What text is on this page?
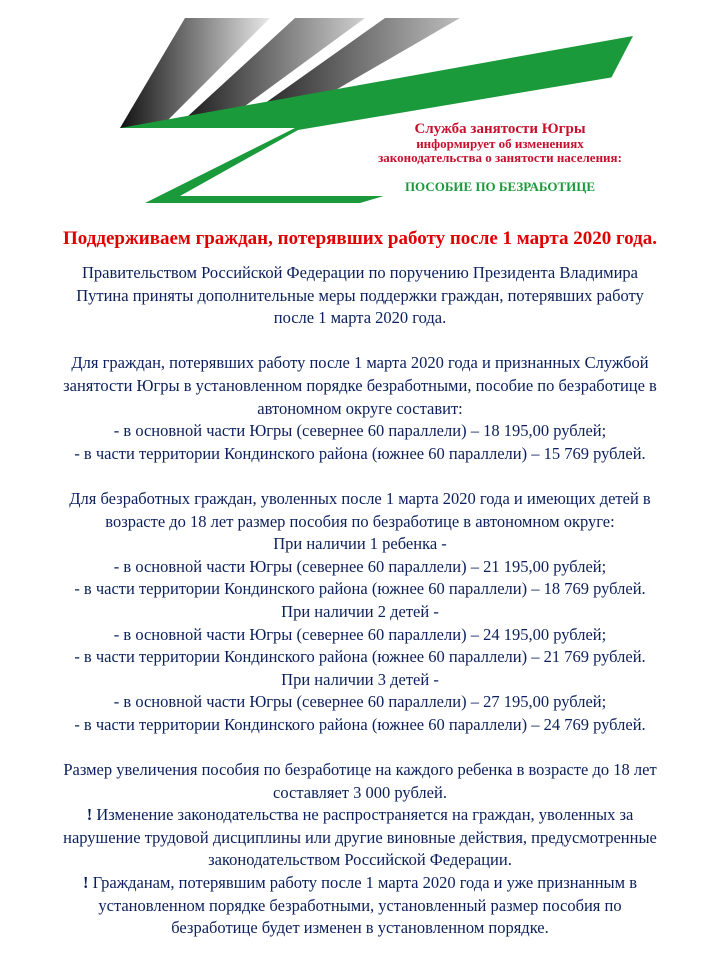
Служба занятости Югры
информирует об изменениях
законодательства о занятости населения:
ПОСОБИЕ ПО БЕЗРАБОТИЦЕ
Поддерживаем граждан, потерявших работу после 1 марта 2020 года.

Правительством Российской Федерации по поручению Президента Владимира

Путина приняты дополнительные меры поддержки граждан, потерявших работу

после 1 марта 2020 года.

Для граждан, потерявших работу после 1 марта 2020 года и признанных Службой

занятости Югры в установленном порядке безработными, пособие по безработице в

автономном округе составит:

- в основной части Югры (севернее 60 параллели) – 18 195,00 рублей;

- в части территории Кондинского района (южнее 60 параллели) – 15 769 рублей.

Для безработных граждан, уволенных после 1 марта 2020 года и имеющих детей в

возрасте до 18 лет размер пособия по безработице в автономном округе:

При наличии 1 ребенка -

- в основной части Югры (севернее 60 параллели) – 21 195,00 рублей;

- в части территории Кондинского района (южнее 60 параллели) – 18 769 рублей.

При наличии 2 детей -

- в основной части Югры (севернее 60 параллели) – 24 195,00 рублей;

- в части территории Кондинского района (южнее 60 параллели) – 21 769 рублей.

При наличии 3 детей -

- в основной части Югры (севернее 60 параллели) – 27 195,00 рублей;

- в части территории Кондинского района (южнее 60 параллели) – 24 769 рублей.

Размер увеличения пособия по безработице на каждого ребенка в возрасте до 18 лет

составляет 3 000 рублей.

! Изменение законодательства не распространяется на граждан, уволенных за

нарушение трудовой дисциплины или другие виновные действия, предусмотренные

законодательством Российской Федерации.

! Гражданам, потерявшим работу после 1 марта 2020 года и уже признанным в

установленном порядке безработными, установленный размер пособия по

безработице будет изменен в установленном порядке.
